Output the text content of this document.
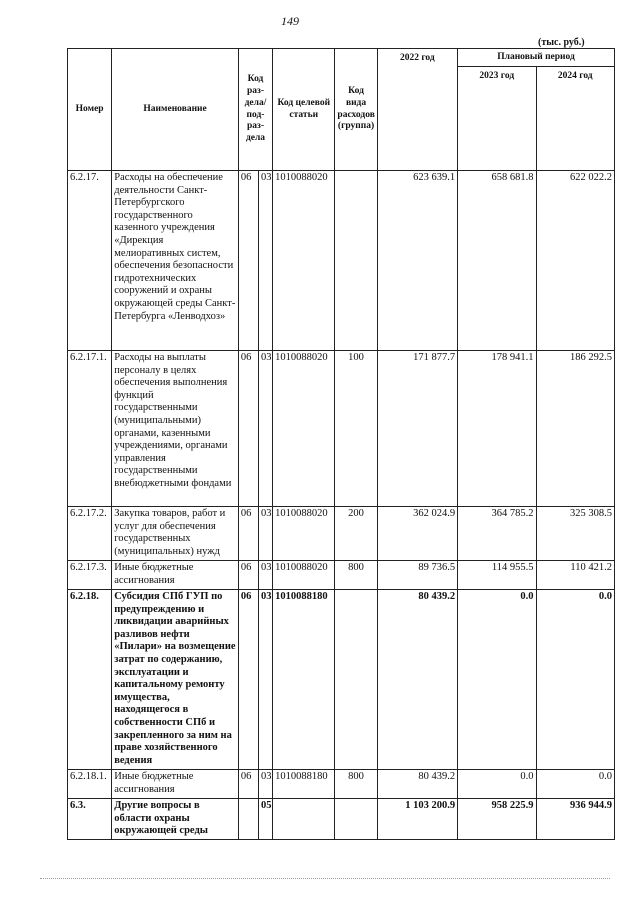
149
(тыс. руб.)
Номер	Наименование	Код раз-дела/ под-раз-дела		Код целевой статьи	Код вида расходов (группа)	2022 год	Плановый период	
							2023 год	2024 год
6.2.17.	Расходы на обеспечение деятельности Санкт-Петербургского государственного казенного учреждения «Дирекция мелиоративных систем, обеспечения безопасности гидротехнических сооружений и охраны окружающей среды Санкт-Петербурга «Ленводхоз»	06	03	1010088020		623 639.1	658 681.8	622 022.2
6.2.17.1.	Расходы на выплаты персоналу в целях обеспечения выполнения функций государственными (муниципальными) органами, казенными учреждениями, органами управления государственными внебюджетными фондами	06	03	1010088020	100	171 877.7	178 941.1	186 292.5
6.2.17.2.	Закупка товаров, работ и услуг для обеспечения государственных (муниципальных) нужд	06	03	1010088020	200	362 024.9	364 785.2	325 308.5
6.2.17.3.	Иные бюджетные ассигнования	06	03	1010088020	800	89 736.5	114 955.5	110 421.2
6.2.18.	Субсидия СПб ГУП по предупреждению и ликвидации аварийных разливов нефти «Пилари» на возмещение затрат по содержанию, эксплуатации и капитальному ремонту имущества, находящегося в собственности СПб и закрепленного за ним на праве хозяйственного ведения	06	03	1010088180		80 439.2	0.0	0.0
6.2.18.1.	Иные бюджетные ассигнования	06	03	1010088180	800	80 439.2	0.0	0.0
6.3.	Другие вопросы в области охраны окружающей среды		05			1 103 200.9	958 225.9	936 944.9
